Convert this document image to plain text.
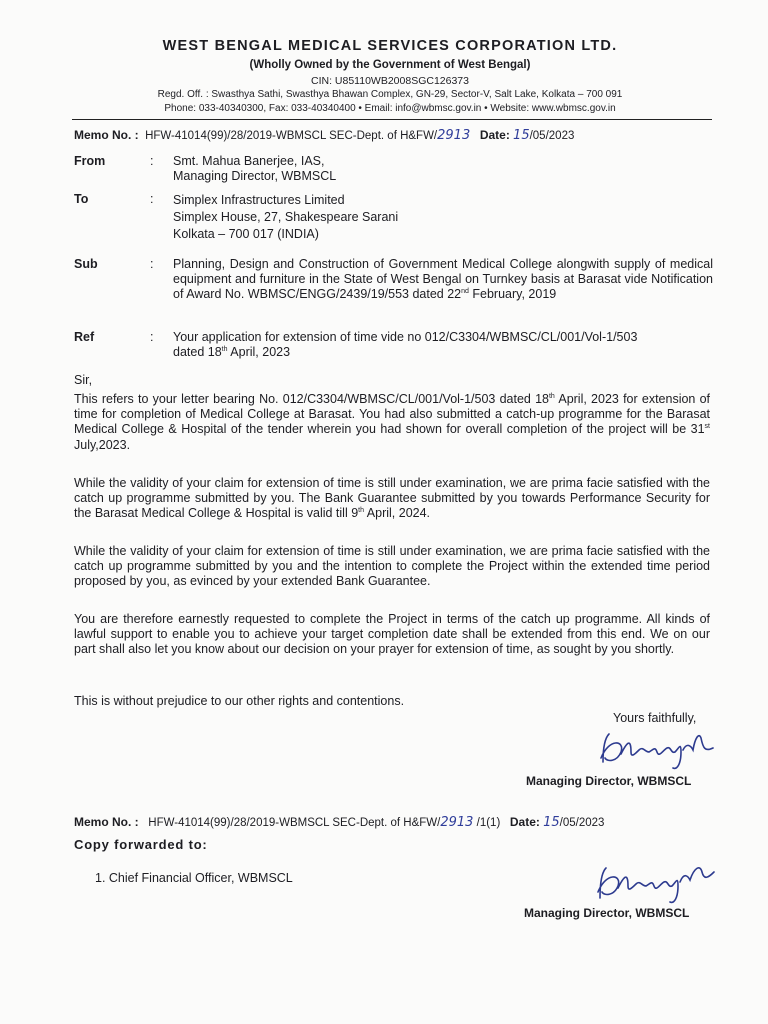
WEST BENGAL MEDICAL SERVICES CORPORATION LTD.
(Wholly Owned by the Government of West Bengal)
CIN: U85110WB2008SGC126373
Regd. Off. : Swasthya Sathi, Swasthya Bhawan Complex, GN-29, Sector-V, Salt Lake, Kolkata – 700 091
Phone: 033-40340300, Fax: 033-40340400 • Email: info@wbmsc.gov.in • Website: www.wbmsc.gov.in
Memo No. : HFW-41014(99)/28/2019-WBMSCL SEC-Dept. of H&FW/2913 Date: 15/05/2023
From	: Smt. Mahua Banerjee, IAS,
Managing Director, WBMSCL
To	: Simplex Infrastructures Limited
Simplex House, 27, Shakespeare Sarani
Kolkata – 700 017 (INDIA)
Sub	: Planning, Design and Construction of Government Medical College alongwith supply of medical equipment and furniture in the State of West Bengal on Turnkey basis at Barasat vide Notification of Award No. WBMSC/ENGG/2439/19/553 dated 22nd February, 2019
Ref	: Your application for extension of time vide no 012/C3304/WBMSC/CL/001/Vol-1/503
dated 18th April, 2023
Sir,
This refers to your letter bearing No. 012/C3304/WBMSC/CL/001/Vol-1/503 dated 18th April, 2023 for extension of time for completion of Medical College at Barasat. You had also submitted a catch-up programme for the Barasat Medical College & Hospital of the tender wherein you had shown for overall completion of the project will be 31st July,2023.
While the validity of your claim for extension of time is still under examination, we are prima facie satisfied with the catch up programme submitted by you. The Bank Guarantee submitted by you towards Performance Security for the Barasat Medical College & Hospital is valid till 9th April, 2024.
While the validity of your claim for extension of time is still under examination, we are prima facie satisfied with the catch up programme submitted by you and the intention to complete the Project within the extended time period proposed by you, as evinced by your extended Bank Guarantee.
You are therefore earnestly requested to complete the Project in terms of the catch up programme. All kinds of lawful support to enable you to achieve your target completion date shall be extended from this end. We on our part shall also let you know about our decision on your prayer for extension of time, as sought by you shortly.
This is without prejudice to our other rights and contentions.
Yours faithfully,
Managing Director, WBMSCL
Memo No. : HFW-41014(99)/28/2019-WBMSCL SEC-Dept. of H&FW/2913 /1(1) Date: 15/05/2023
Copy forwarded to:
1. Chief Financial Officer, WBMSCL
Managing Director, WBMSCL
